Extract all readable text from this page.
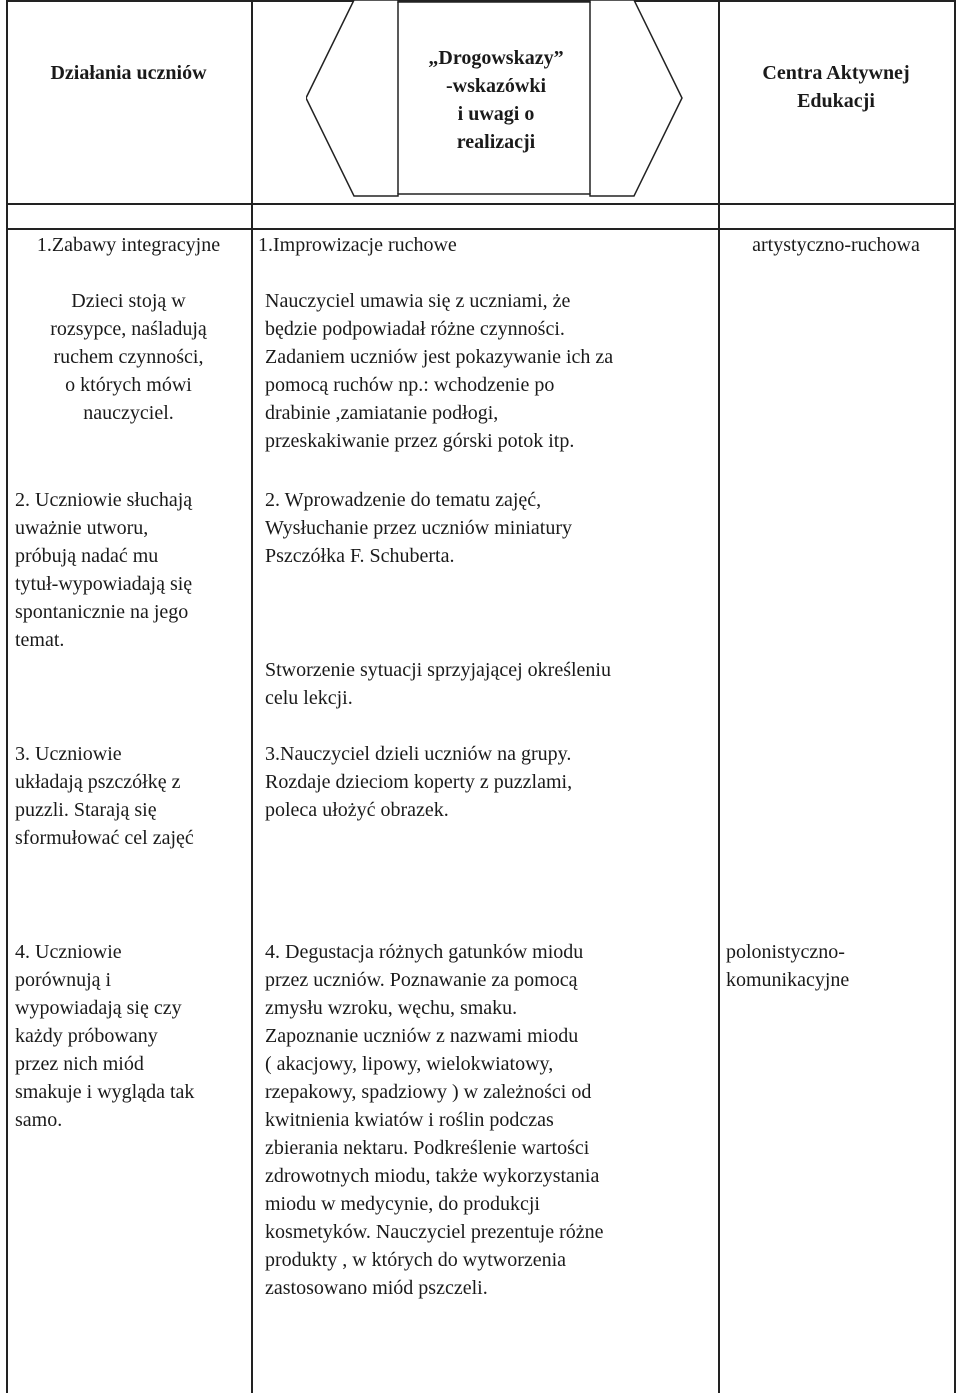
Działania uczniów
„Drogowskazy”
-wskazówki
i uwagi o
realizacji
Centra Aktywnej
Edukacji
1.Zabawy integracyjne
Dzieci stoją w
rozsypce, naśladują
ruchem czynności,
o których mówi
nauczyciel.
2. Uczniowie słuchają
uważnie utworu,
próbują nadać mu
tytuł-wypowiadają się
spontanicznie na jego
temat.
3. Uczniowie
układają pszczółkę z
puzzli. Starają się
sformułować cel zajęć
1.Improwizacje ruchowe
Nauczyciel umawia się z uczniami, że
będzie podpowiadał różne czynności.
Zadaniem uczniów jest pokazywanie ich za
pomocą ruchów np.: wchodzenie po
drabinie ,zamiatanie podłogi,
przeskakiwanie przez górski potok itp.
2. Wprowadzenie do tematu zajęć,
Wysłuchanie przez uczniów miniatury
Pszczółka F. Schuberta.
Stworzenie sytuacji sprzyjającej określeniu
celu lekcji.
3.Nauczyciel dzieli uczniów na grupy.
Rozdaje dzieciom koperty z puzzlami,
poleca ułożyć obrazek.
artystyczno-ruchowa
4. Uczniowie
porównują i
wypowiadają się czy
każdy próbowany
przez nich miód
smakuje i wygląda tak
samo.
4. Degustacja różnych gatunków miodu
przez uczniów. Poznawanie za pomocą
zmysłu wzroku, węchu, smaku.
Zapoznanie uczniów z nazwami miodu
( akacjowy, lipowy, wielokwiatowy,
rzepakowy, spadziowy ) w zależności od
kwitnienia kwiatów i roślin podczas
zbierania nektaru. Podkreślenie wartości
zdrowotnych miodu, także wykorzystania
miodu w medycynie, do produkcji
kosmetyków. Nauczyciel prezentuje różne
produkty , w których do wytworzenia
zastosowano miód pszczeli.
polonistyczno-
komunikacyjne
